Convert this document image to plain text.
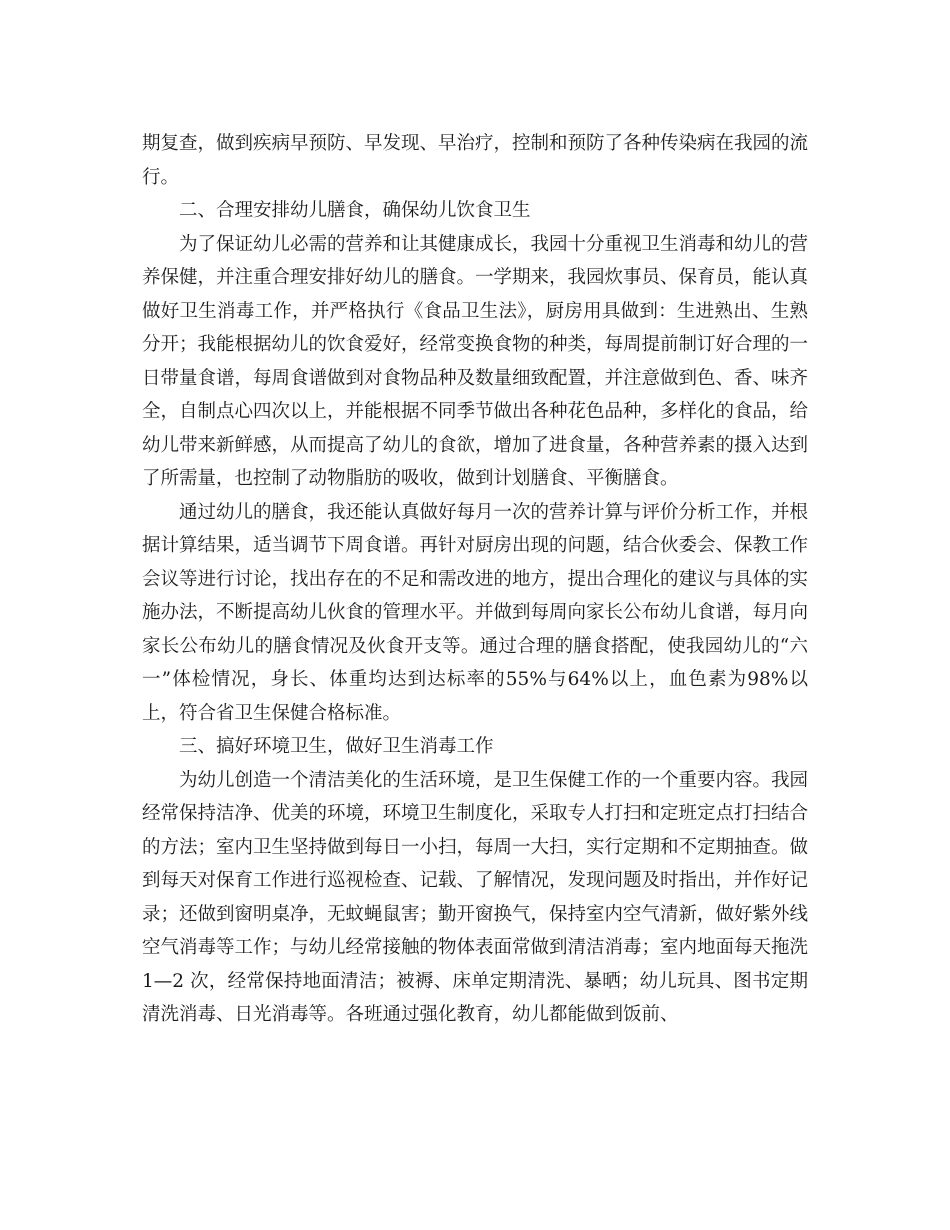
期复查，做到疾病早预防、早发现、早治疗，控制和预防了各种传染病在我园的流行。

二、合理安排幼儿膳食，确保幼儿饮食卫生

为了保证幼儿必需的营养和让其健康成长，我园十分重视卫生消毒和幼儿的营养保健，并注重合理安排好幼儿的膳食。一学期来，我园炊事员、保育员，能认真做好卫生消毒工作，并严格执行《食品卫生法》，厨房用具做到：生进熟出、生熟分开；我能根据幼儿的饮食爱好，经常变换食物的种类，每周提前制订好合理的一日带量食谱，每周食谱做到对食物品种及数量细致配置，并注意做到色、香、味齐全，自制点心四次以上，并能根据不同季节做出各种花色品种，多样化的食品，给幼儿带来新鲜感，从而提高了幼儿的食欲，增加了进食量，各种营养素的摄入达到了所需量，也控制了动物脂肪的吸收，做到计划膳食、平衡膳食。

通过幼儿的膳食，我还能认真做好每月一次的营养计算与评价分析工作，并根据计算结果，适当调节下周食谱。再针对厨房出现的问题，结合伙委会、保教工作会议等进行讨论，找出存在的不足和需改进的地方，提出合理化的建议与具体的实施办法，不断提高幼儿伙食的管理水平。并做到每周向家长公布幼儿食谱，每月向家长公布幼儿的膳食情况及伙食开支等。通过合理的膳食搭配，使我园幼儿的“六一”体检情况，身长、体重均达到达标率的55%与64%以上，血色素为98%以上，符合省卫生保健合格标准。

三、搞好环境卫生，做好卫生消毒工作

为幼儿创造一个清洁美化的生活环境，是卫生保健工作的一个重要内容。我园经常保持洁净、优美的环境，环境卫生制度化，采取专人打扫和定班定点打扫结合的方法；室内卫生坚持做到每日一小扫，每周一大扫，实行定期和不定期抽查。做到每天对保育工作进行巡视检查、记载、了解情况，发现问题及时指出，并作好记录；还做到窗明桌净，无蚊蝇鼠害；勤开窗换气，保持室内空气清新，做好紫外线空气消毒等工作；与幼儿经常接触的物体表面常做到清洁消毒；室内地面每天拖洗 1—2 次，经常保持地面清洁；被褥、床单定期清洗、暴晒；幼儿玩具、图书定期清洗消毒、日光消毒等。各班通过强化教育，幼儿都能做到饭前、
